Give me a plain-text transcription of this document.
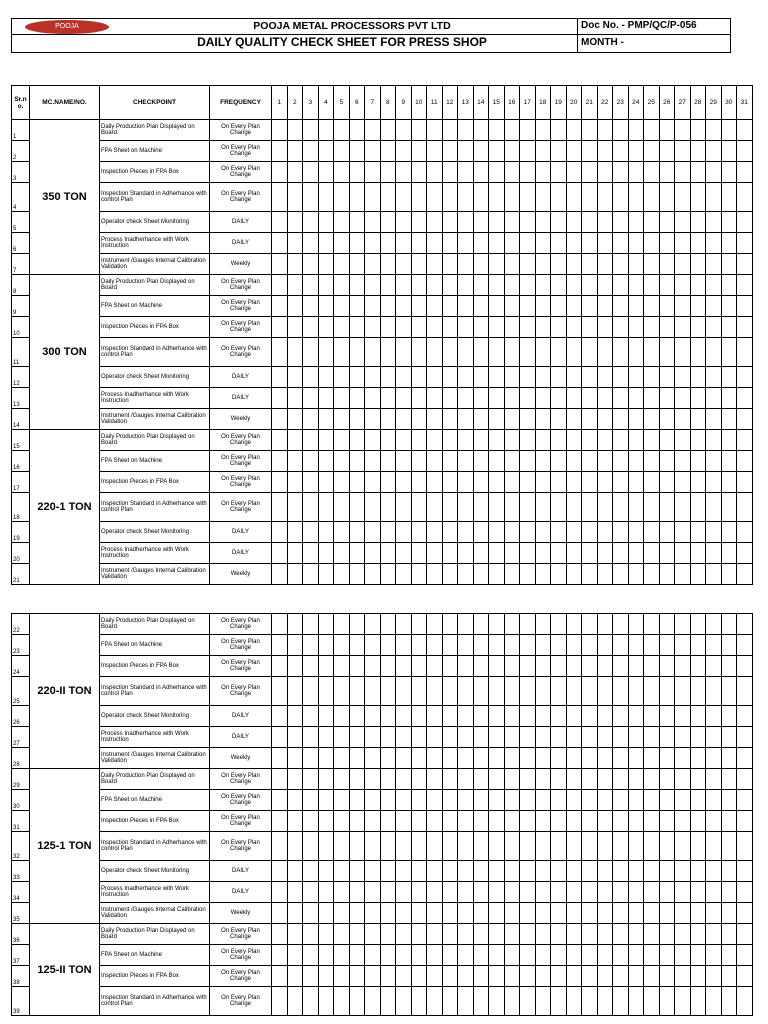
POOJA	POOJA METAL PROCESSORS PVT LTD
DAILY QUALITY CHECK SHEET FOR PRESS SHOP
Doc No. - PMP/QC/P-056
MONTH -
Sr.n o.	MC.NAME/NO.	CHECKPOINT	FREQUENCY	1	2	3	4	5	6	7	8	9	10	11	12	13	14	15	16	17	18	19	20	21	22	23	24	25	26	27	28	29	30	31
1	350 TON	Daily Production Plan Displayed on Board	On Every Plan Change																															
2		FPA Sheet on Machine	On Every Plan Change																															
3		Inspection Pieces in FPA Box	On Every Plan Change																															
4		Inspection Standard in Adherhance with control Plan	On Every Plan Change																															
5		Operator check Sheet Monitoring	DAILY																															
6		Process Inadherhance with Work Instruction	DAILY																															
7		Instrument /Gauges Internal Calibration Validation	Weekly																															
8	300 TON	Daily Production Plan Displayed on Board	On Every Plan Change																															
9		FPA Sheet on Machine	On Every Plan Change																															
10		Inspection Pieces in FPA Box	On Every Plan Change																															
11		Inspection Standard in Adherhance with control Plan	On Every Plan Change																															
12		Operator check Sheet Monitoring	DAILY																															
13		Process Inadherhance with Work Instruction	DAILY																															
14		Instrument /Gauges Internal Calibration Validation	Weekly																															
15	220-1 TON	Daily Production Plan Displayed on Board	On Every Plan Change																															
16		FPA Sheet on Machine	On Every Plan Change																															
17		Inspection Pieces in FPA Box	On Every Plan Change																															
18		Inspection Standard in Adherhance with control Plan	On Every Plan Change																															
19		Operator check Sheet Monitoring	DAILY																															
20		Process Inadherhance with Work Instruction	DAILY																															
21		Instrument /Gauges Internal Calibration Validation	Weekly																															
22	220-II TON	Daily Production Plan Displayed on Board	On Every Plan Change																															
23		FPA Sheet on Machine	On Every Plan Change																															
24		Inspection Pieces in FPA Box	On Every Plan Change																															
25		Inspection Standard in Adherhance with control Plan	On Every Plan Change																															
26		Operator check Sheet Monitoring	DAILY																															
27		Process Inadherhance with Work Instruction	DAILY																															
28		Instrument /Gauges Internal Calibration Validation	Weekly																															
29	125-1 TON	Daily Production Plan Displayed on Board	On Every Plan Change																															
30		FPA Sheet on Machine	On Every Plan Change																															
31		Inspection Pieces in FPA Box	On Every Plan Change																															
32		Inspection Standard in Adherhance with control Plan	On Every Plan Change																															
33		Operator check Sheet Monitoring	DAILY																															
34		Process Inadherhance with Work Instruction	DAILY																															
35		Instrument /Gauges Internal Calibration Validation	Weekly																															
36	125-II TON	Daily Production Plan Displayed on Board	On Every Plan Change																															
37		FPA Sheet on Machine	On Every Plan Change																															
38		Inspection Pieces in FPA Box	On Every Plan Change																															
39		Inspection Standard in Adherhance with control Plan	On Every Plan Change																															
